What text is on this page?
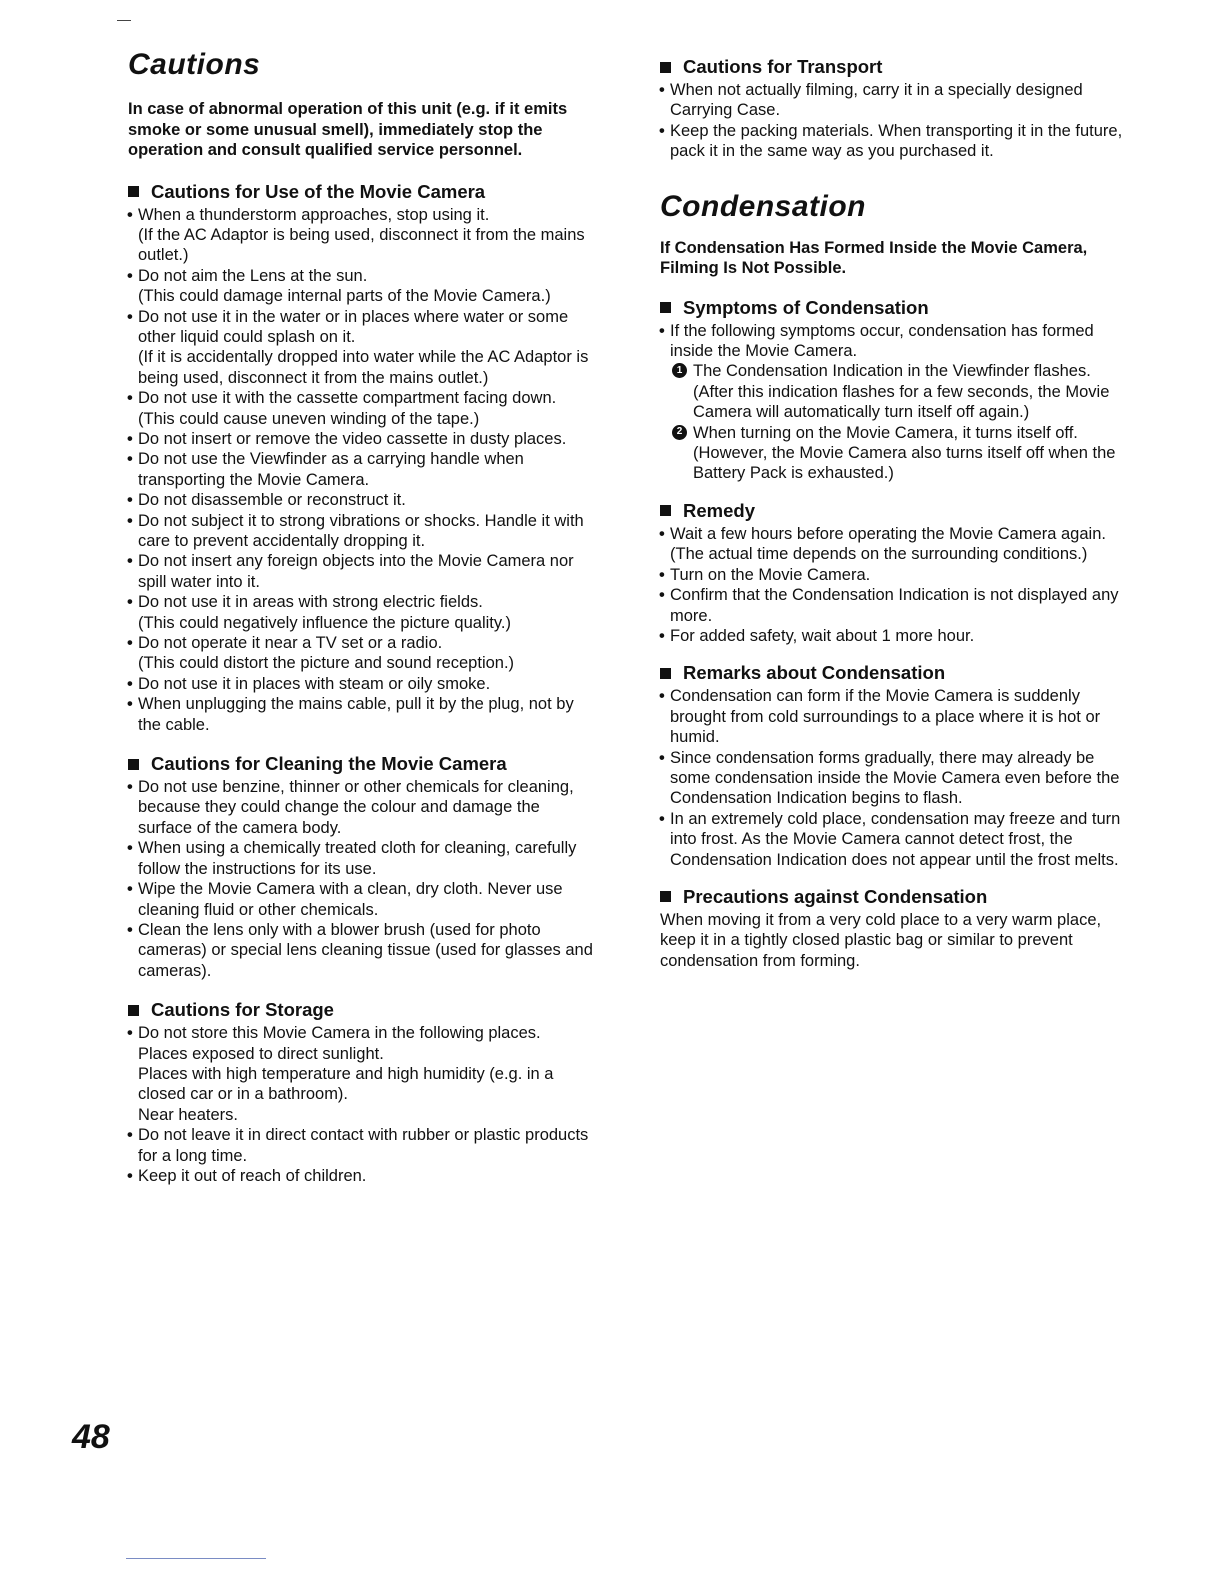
Cautions

In case of abnormal operation of this unit (e.g. if it emits smoke or some unusual smell), immediately stop the operation and consult qualified service personnel.

Cautions for Use of the Movie Camera
• When a thunderstorm approaches, stop using it.
(If the AC Adaptor is being used, disconnect it from the mains outlet.)
• Do not aim the Lens at the sun.
(This could damage internal parts of the Movie Camera.)
• Do not use it in the water or in places where water or some other liquid could splash on it.
(If it is accidentally dropped into water while the AC Adaptor is being used, disconnect it from the mains outlet.)
• Do not use it with the cassette compartment facing down.
(This could cause uneven winding of the tape.)
• Do not insert or remove the video cassette in dusty places.
• Do not use the Viewfinder as a carrying handle when transporting the Movie Camera.
• Do not disassemble or reconstruct it.
• Do not subject it to strong vibrations or shocks. Handle it with care to prevent accidentally dropping it.
• Do not insert any foreign objects into the Movie Camera nor spill water into it.
• Do not use it in areas with strong electric fields.
(This could negatively influence the picture quality.)
• Do not operate it near a TV set or a radio.
(This could distort the picture and sound reception.)
• Do not use it in places with steam or oily smoke.
• When unplugging the mains cable, pull it by the plug, not by the cable.
Cautions for Cleaning the Movie Camera
• Do not use benzine, thinner or other chemicals for cleaning, because they could change the colour and damage the surface of the camera body.
• When using a chemically treated cloth for cleaning, carefully follow the instructions for its use.
• Wipe the Movie Camera with a clean, dry cloth. Never use cleaning fluid or other chemicals.
• Clean the lens only with a blower brush (used for photo cameras) or special lens cleaning tissue (used for glasses and cameras).
Cautions for Storage
• Do not store this Movie Camera in the following places.
Places exposed to direct sunlight.
Places with high temperature and high humidity (e.g. in a closed car or in a bathroom).
Near heaters.
• Do not leave it in direct contact with rubber or plastic products for a long time.
• Keep it out of reach of children.
Cautions for Transport
• When not actually filming, carry it in a specially designed Carrying Case.
• Keep the packing materials. When transporting it in the future, pack it in the same way as you purchased it.
Condensation

If Condensation Has Formed Inside the Movie Camera, Filming Is Not Possible.

Symptoms of Condensation
• If the following symptoms occur, condensation has formed inside the Movie Camera.
1 The Condensation Indication in the Viewfinder flashes.
(After this indication flashes for a few seconds, the Movie Camera will automatically turn itself off again.)
2 When turning on the Movie Camera, it turns itself off.
(However, the Movie Camera also turns itself off when the Battery Pack is exhausted.)
Remedy
• Wait a few hours before operating the Movie Camera again.
(The actual time depends on the surrounding conditions.)
• Turn on the Movie Camera.
• Confirm that the Condensation Indication is not displayed any more.
• For added safety, wait about 1 more hour.
Remarks about Condensation
• Condensation can form if the Movie Camera is suddenly brought from cold surroundings to a place where it is hot or humid.
• Since condensation forms gradually, there may already be some condensation inside the Movie Camera even before the Condensation Indication begins to flash.
• In an extremely cold place, condensation may freeze and turn into frost. As the Movie Camera cannot detect frost, the Condensation Indication does not appear until the frost melts.
Precautions against Condensation

When moving it from a very cold place to a very warm place, keep it in a tightly closed plastic bag or similar to prevent condensation from forming.

48
